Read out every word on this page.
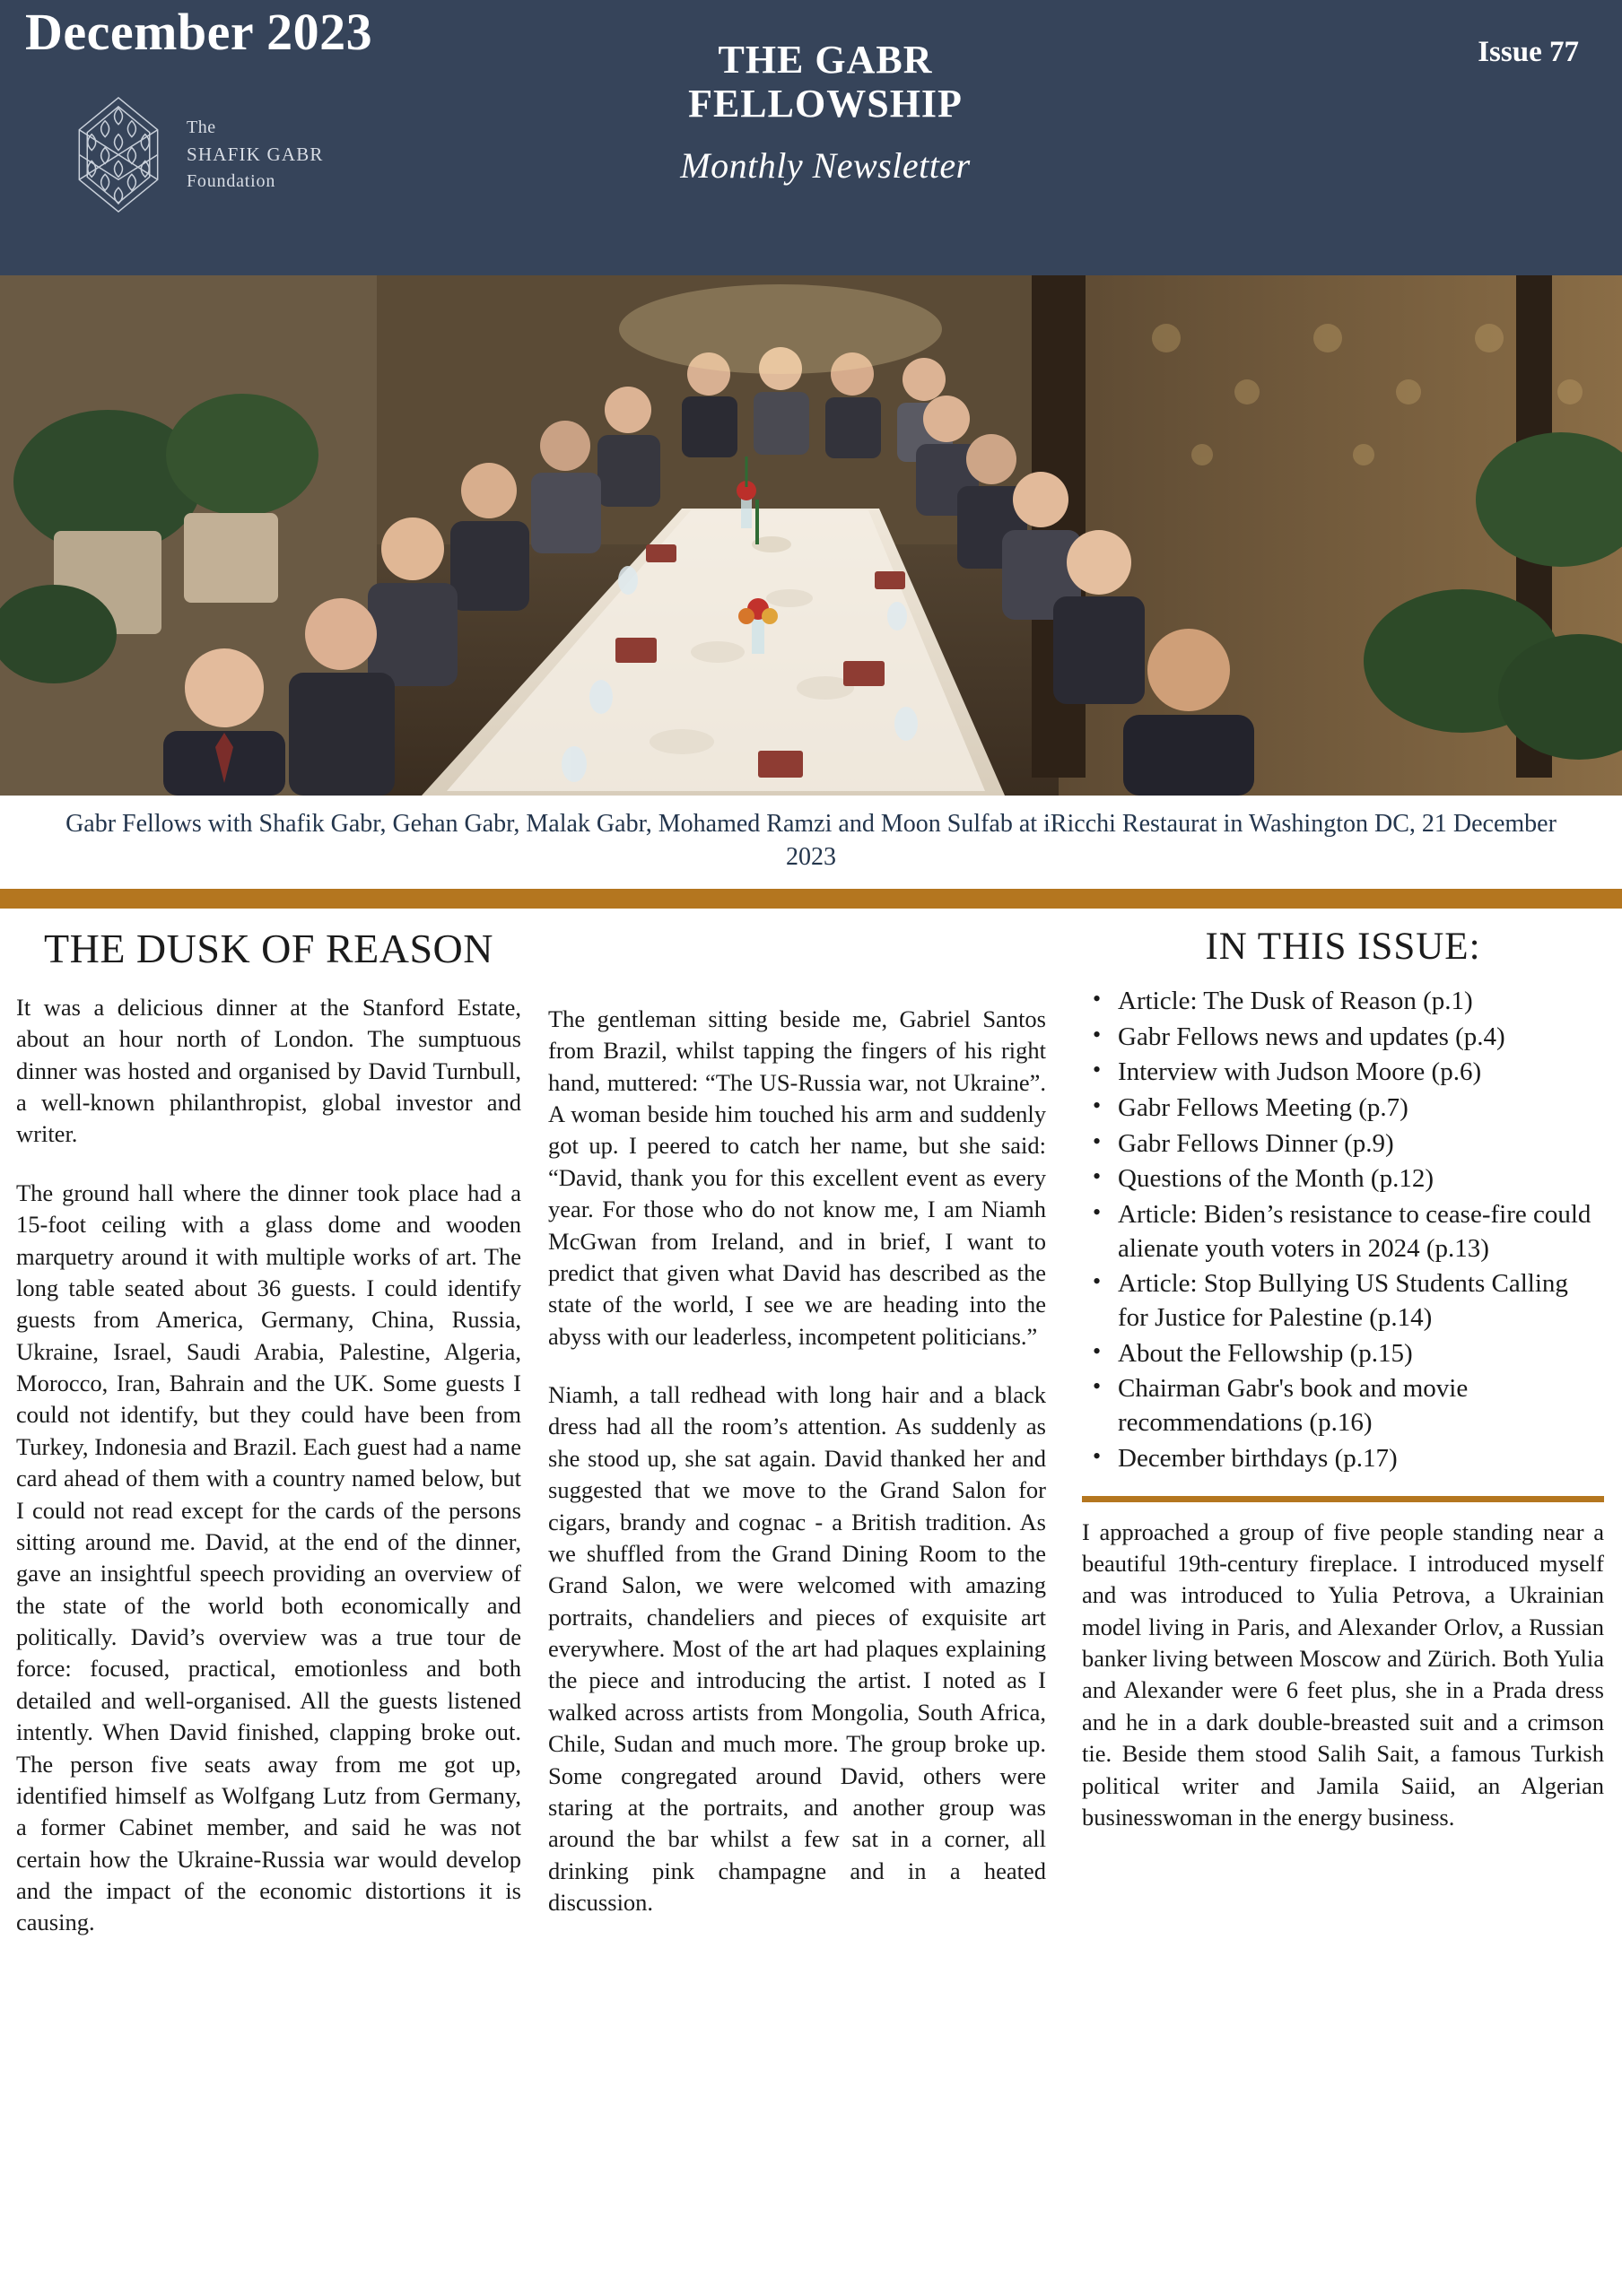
December 2023
The
SHAFIK GABR
Foundation
THE GABR
FELLOWSHIP
Monthly Newsletter
Issue 77
Gabr Fellows with Shafik Gabr, Gehan Gabr, Malak Gabr, Mohamed Ramzi and Moon Sulfab at iRicchi Restaurat in Washington DC, 21 December 2023
THE DUSK OF REASON

It was a delicious dinner at the Stanford Estate, about an hour north of London. The sumptuous dinner was hosted and organised by David Turnbull, a well-known philanthropist, global investor and writer.

The ground hall where the dinner took place had a 15-foot ceiling with a glass dome and wooden marquetry around it with multiple works of art. The long table seated about 36 guests. I could identify guests from America, Germany, China, Russia, Ukraine, Israel, Saudi Arabia, Palestine, Algeria, Morocco, Iran, Bahrain and the UK. Some guests I could not identify, but they could have been from Turkey, Indonesia and Brazil. Each guest had a name card ahead of them with a country named below, but I could not read except for the cards of the persons sitting around me. David, at the end of the dinner, gave an insightful speech providing an overview of the state of the world both economically and politically. David’s overview was a true tour de force: focused, practical, emotionless and both detailed and well-organised. All the guests listened intently. When David finished, clapping broke out. The person five seats away from me got up, identified himself as Wolfgang Lutz from Germany, a former Cabinet member, and said he was not certain how the Ukraine-Russia war would develop and the impact of the economic distortions it is causing.

The gentleman sitting beside me, Gabriel Santos from Brazil, whilst tapping the fingers of his right hand, muttered: “The US-Russia war, not Ukraine”. A woman beside him touched his arm and suddenly got up. I peered to catch her name, but she said: “David, thank you for this excellent event as every year. For those who do not know me, I am Niamh McGwan from Ireland, and in brief, I want to predict that given what David has described as the state of the world, I see we are heading into the abyss with our leaderless, incompetent politicians.”

Niamh, a tall redhead with long hair and a black dress had all the room’s attention. As suddenly as she stood up, she sat again. David thanked her and suggested that we move to the Grand Salon for cigars, brandy and cognac - a British tradition. As we shuffled from the Grand Dining Room to the Grand Salon, we were welcomed with amazing portraits, chandeliers and pieces of exquisite art everywhere. Most of the art had plaques explaining the piece and introducing the artist. I noted as I walked across artists from Mongolia, South Africa, Chile, Sudan and much more. The group broke up. Some congregated around David, others were staring at the portraits, and another group was around the bar whilst a few sat in a corner, all drinking pink champagne and in a heated discussion.

IN THIS ISSUE:
• Article: The Dusk of Reason (p.1)
• Gabr Fellows news and updates (p.4)
• Interview with Judson Moore (p.6)
• Gabr Fellows Meeting (p.7)
• Gabr Fellows Dinner (p.9)
• Questions of the Month (p.12)
• Article: Biden’s resistance to cease-fire could alienate youth voters in 2024 (p.13)
• Article: Stop Bullying US Students Calling for Justice for Palestine (p.14)
• About the Fellowship (p.15)
• Chairman Gabr's book and movie recommendations (p.16)
• December birthdays (p.17)

I approached a group of five people standing near a beautiful 19th-century fireplace. I introduced myself and was introduced to Yulia Petrova, a Ukrainian model living in Paris, and Alexander Orlov, a Russian banker living between Moscow and Zürich. Both Yulia and Alexander were 6 feet plus, she in a Prada dress and he in a dark double-breasted suit and a crimson tie. Beside them stood Salih Sait, a famous Turkish political writer and Jamila Saiid, an Algerian businesswoman in the energy business.
